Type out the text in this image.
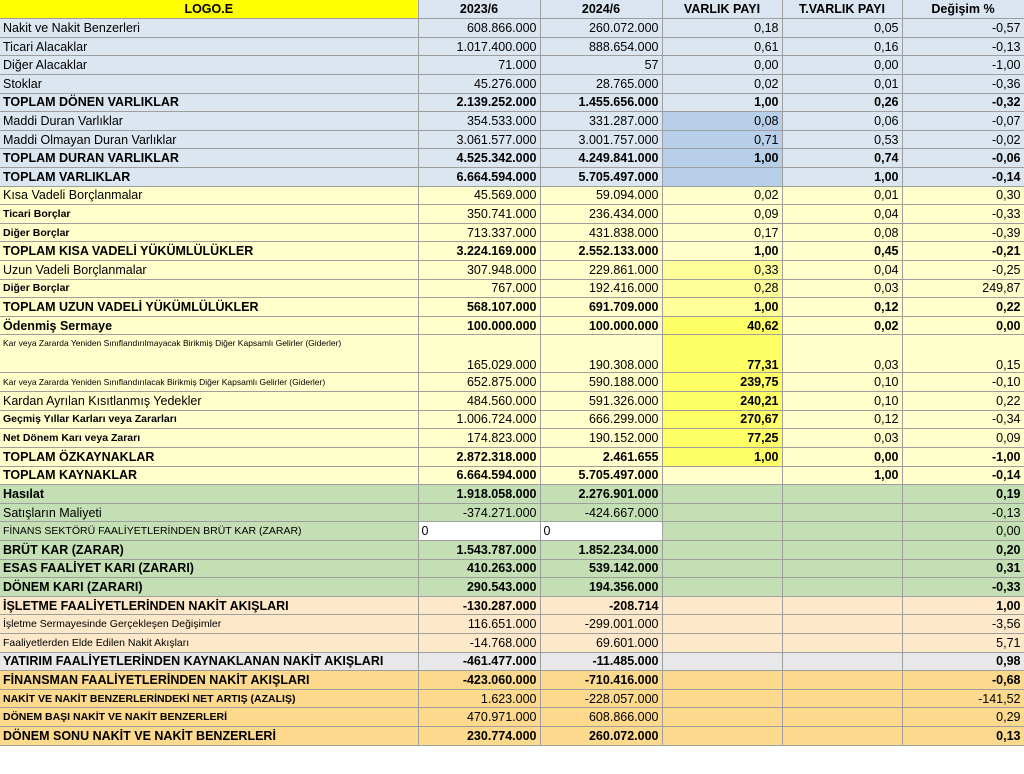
LOGO.E	2023/6	2024/6	VARLIK PAYI	T.VARLIK PAYI	Değişim %
Nakit ve Nakit Benzerleri	608.866.000	260.072.000	0,18	0,05	-0,57
Ticari Alacaklar	1.017.400.000	888.654.000	0,61	0,16	-0,13
Diğer Alacaklar	71.000	57	0,00	0,00	-1,00
Stoklar	45.276.000	28.765.000	0,02	0,01	-0,36
TOPLAM DÖNEN VARLIKLAR	2.139.252.000	1.455.656.000	1,00	0,26	-0,32
Maddi Duran Varlıklar	354.533.000	331.287.000	0,08	0,06	-0,07
Maddi Olmayan Duran Varlıklar	3.061.577.000	3.001.757.000	0,71	0,53	-0,02
TOPLAM DURAN VARLIKLAR	4.525.342.000	4.249.841.000	1,00	0,74	-0,06
TOPLAM VARLIKLAR	6.664.594.000	5.705.497.000		1,00	-0,14
Kısa Vadeli Borçlanmalar	45.569.000	59.094.000	0,02	0,01	0,30
Ticari Borçlar	350.741.000	236.434.000	0,09	0,04	-0,33
Diğer Borçlar	713.337.000	431.838.000	0,17	0,08	-0,39
TOPLAM KISA VADELİ YÜKÜMLÜLÜKLER	3.224.169.000	2.552.133.000	1,00	0,45	-0,21
Uzun Vadeli Borçlanmalar	307.948.000	229.861.000	0,33	0,04	-0,25
Diğer Borçlar	767.000	192.416.000	0,28	0,03	249,87
TOPLAM UZUN VADELİ YÜKÜMLÜLÜKLER	568.107.000	691.709.000	1,00	0,12	0,22
Ödenmiş Sermaye	100.000.000	100.000.000	40,62	0,02	0,00
Kar veya Zararda Yeniden Sınıflandırılmayacak Birikmiş Diğer Kapsamlı Gelirler (Giderler)	165.029.000	190.308.000	77,31	0,03	0,15
Kar veya Zararda Yeniden Sınıflandırılacak Birikmiş Diğer Kapsamlı Gelirler (Giderler)	652.875.000	590.188.000	239,75	0,10	-0,10
Kardan Ayrılan Kısıtlanmış Yedekler	484.560.000	591.326.000	240,21	0,10	0,22
Geçmiş Yıllar Karları veya Zararları	1.006.724.000	666.299.000	270,67	0,12	-0,34
Net Dönem Karı veya Zararı	174.823.000	190.152.000	77,25	0,03	0,09
TOPLAM ÖZKAYNAKLAR	2.872.318.000	2.461.655	1,00	0,00	-1,00
TOPLAM KAYNAKLAR	6.664.594.000	5.705.497.000		1,00	-0,14
Hasılat	1.918.058.000	2.276.901.000			0,19
Satışların Maliyeti	-374.271.000	-424.667.000			-0,13
FİNANS SEKTÖRÜ FAALİYETLERİNDEN BRÜT KAR (ZARAR)	0	0			0,00
BRÜT KAR (ZARAR)	1.543.787.000	1.852.234.000			0,20
ESAS FAALİYET KARI (ZARARI)	410.263.000	539.142.000			0,31
DÖNEM KARI (ZARARI)	290.543.000	194.356.000			-0,33
İŞLETME FAALİYETLERİNDEN NAKİT AKIŞLARI	-130.287.000	-208.714			1,00
İşletme Sermayesinde Gerçekleşen Değişimler	116.651.000	-299.001.000			-3,56
Faaliyetlerden Elde Edilen Nakit Akışları	-14.768.000	69.601.000			5,71
YATIRIM FAALİYETLERİNDEN KAYNAKLANAN NAKİT AKIŞLARI	-461.477.000	-11.485.000			0,98
FİNANSMAN FAALİYETLERİNDEN NAKİT AKIŞLARI	-423.060.000	-710.416.000			-0,68
NAKİT VE NAKİT BENZERLERİNDEKİ NET ARTIŞ (AZALIŞ)	1.623.000	-228.057.000			-141,52
DÖNEM BAŞI NAKİT VE NAKİT BENZERLERİ	470.971.000	608.866.000			0,29
DÖNEM SONU NAKİT VE NAKİT BENZERLERİ	230.774.000	260.072.000			0,13
